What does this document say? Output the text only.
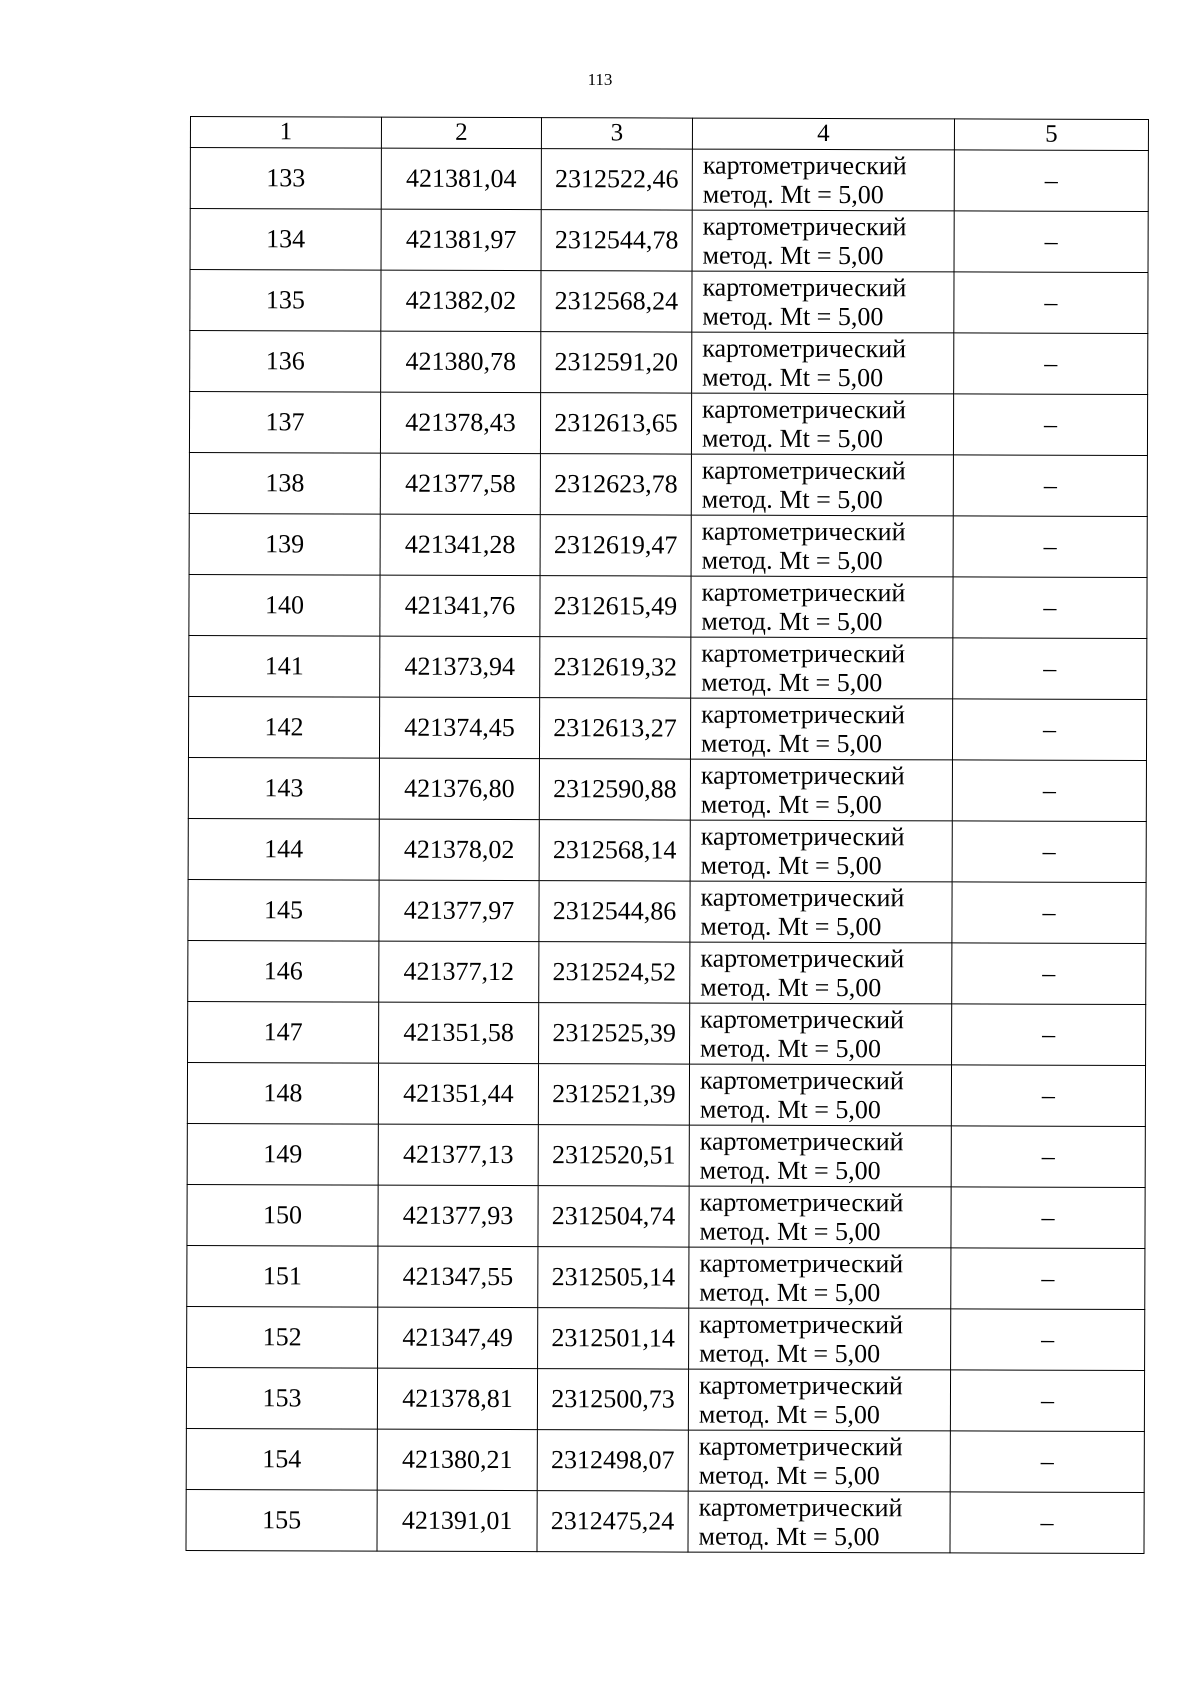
113
1	2	3	4	5
133	421381,04	2312522,46	картометрический
метод. Mt = 5,00	–
134	421381,97	2312544,78	картометрический
метод. Mt = 5,00	–
135	421382,02	2312568,24	картометрический
метод. Mt = 5,00	–
136	421380,78	2312591,20	картометрический
метод. Mt = 5,00	–
137	421378,43	2312613,65	картометрический
метод. Mt = 5,00	–
138	421377,58	2312623,78	картометрический
метод. Mt = 5,00	–
139	421341,28	2312619,47	картометрический
метод. Mt = 5,00	–
140	421341,76	2312615,49	картометрический
метод. Mt = 5,00	–
141	421373,94	2312619,32	картометрический
метод. Mt = 5,00	–
142	421374,45	2312613,27	картометрический
метод. Mt = 5,00	–
143	421376,80	2312590,88	картометрический
метод. Mt = 5,00	–
144	421378,02	2312568,14	картометрический
метод. Mt = 5,00	–
145	421377,97	2312544,86	картометрический
метод. Mt = 5,00	–
146	421377,12	2312524,52	картометрический
метод. Mt = 5,00	–
147	421351,58	2312525,39	картометрический
метод. Mt = 5,00	–
148	421351,44	2312521,39	картометрический
метод. Mt = 5,00	–
149	421377,13	2312520,51	картометрический
метод. Mt = 5,00	–
150	421377,93	2312504,74	картометрический
метод. Mt = 5,00	–
151	421347,55	2312505,14	картометрический
метод. Mt = 5,00	–
152	421347,49	2312501,14	картометрический
метод. Mt = 5,00	–
153	421378,81	2312500,73	картометрический
метод. Mt = 5,00	–
154	421380,21	2312498,07	картометрический
метод. Mt = 5,00	–
155	421391,01	2312475,24	картометрический
метод. Mt = 5,00	–
